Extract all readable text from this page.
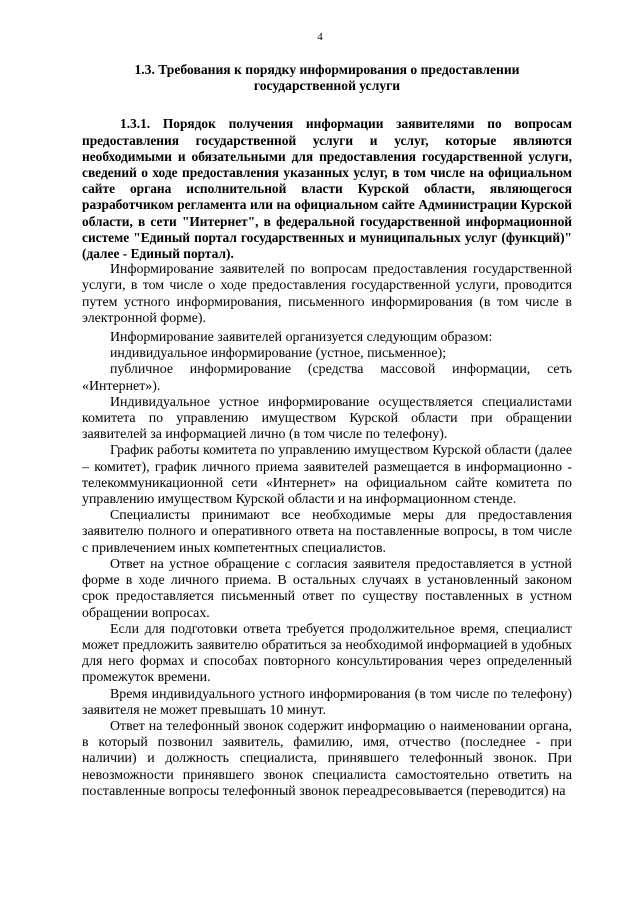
4
1.3. Требования к порядку информирования о предоставлении государственной услуги

1.3.1. Порядок получения информации заявителями по вопросам предоставления государственной услуги и услуг, которые являются необходимыми и обязательными для предоставления государственной услуги, сведений о ходе предоставления указанных услуг, в том числе на официальном сайте органа исполнительной власти Курской области, являющегося разработчиком регламента или на официальном сайте Администрации Курской области, в сети "Интернет", в федеральной государственной информационной системе "Единый портал государственных и муниципальных услуг (функций)" (далее - Единый портал).

Информирование заявителей по вопросам предоставления государственной услуги, в том числе о ходе предоставления государственной услуги, проводится путем устного информирования, письменного информирования (в том числе в электронной форме).

Информирование заявителей организуется следующим образом:

индивидуальное информирование (устное, письменное);

публичное информирование (средства массовой информации, сеть «Интернет»).

Индивидуальное устное информирование осуществляется специалистами комитета по управлению имуществом Курской области при обращении заявителей за информацией лично (в том числе по телефону).

График работы комитета по управлению имуществом Курской области (далее – комитет), график личного приема заявителей размещается в информационно - телекоммуникационной сети «Интернет» на официальном сайте комитета по управлению имуществом Курской области и на информационном стенде.

Специалисты принимают все необходимые меры для предоставления заявителю полного и оперативного ответа на поставленные вопросы, в том числе с привлечением иных компетентных специалистов.

Ответ на устное обращение с согласия заявителя предоставляется в устной форме в ходе личного приема. В остальных случаях в установленный законом срок предоставляется письменный ответ по существу поставленных в устном обращении вопросах.

Если для подготовки ответа требуется продолжительное время, специалист может предложить заявителю обратиться за необходимой информацией в удобных для него формах и способах повторного консультирования через определенный промежуток времени.

Время индивидуального устного информирования (в том числе по телефону) заявителя не может превышать 10 минут.

Ответ на телефонный звонок содержит информацию о наименовании органа, в который позвонил заявитель, фамилию, имя, отчество (последнее - при наличии) и должность специалиста, принявшего телефонный звонок. При невозможности принявшего звонок специалиста самостоятельно ответить на поставленные вопросы телефонный звонок переадресовывается (переводится) на
